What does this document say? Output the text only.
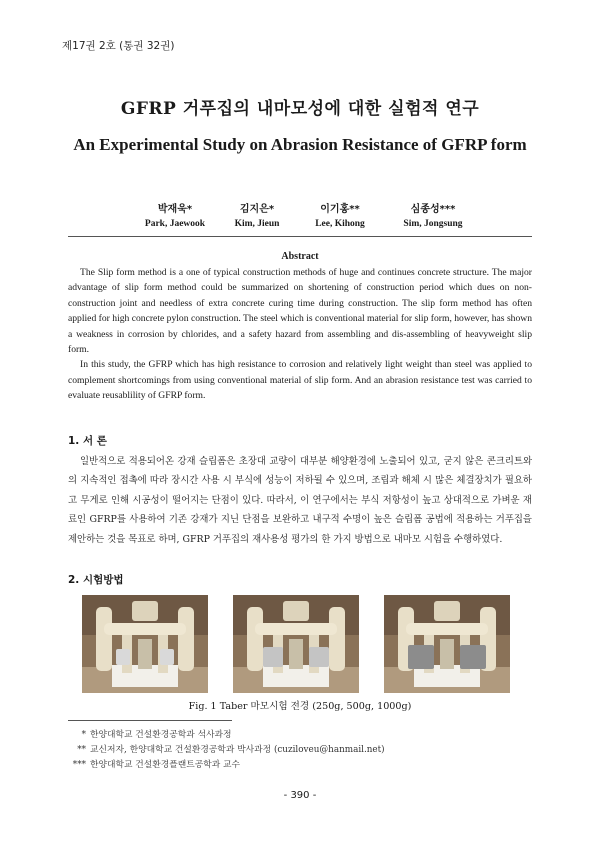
제17권 2호 (통권 32권)
GFRP 거푸집의 내마모성에 대한 실험적 연구
An Experimental Study on Abrasion Resistance of GFRP form
박재욱*
Park, Jaewook
김지은*
Kim, Jieun
이기홍**
Lee, Kihong
심종성***
Sim, Jongsung
Abstract

The Slip form method is a one of typical construction methods of huge and continues concrete structure. The major advantage of slip form method could be summarized on shortening of construction period which dues on non-construction joint and needless of extra concrete curing time during construction. The slip form method has often applied for high concrete pylon construction. The steel which is conventional material for slip form, however, has shown a weakness in corrosion by chlorides, and a safety hazard from assembling and dis-assembling of heavyweight slip form.

In this study, the GFRP which has high resistance to corrosion and relatively light weight than steel was applied to complement shortcomings from using conventional material of slip form. And an abrasion resistance test was carried to evaluate reusablility of GFRP form.

1. 서 론
일반적으로 적용되어온 강재 슬립폼은 초장대 교량이 대부분 해양환경에 노출되어 있고, 굳지 않은 콘크리트와의 지속적인 접촉에 따라 장시간 사용 시 부식에 성능이 저하될 수 있으며, 조립과 해체 시 많은 체결장치가 필요하고 무게로 인해 시공성이 떨어지는 단점이 있다. 따라서, 이 연구에서는 부식 저항성이 높고 상대적으로 가벼운 재료인 GFRP를 사용하여 기존 강재가 지닌 단점을 보완하고 내구적 수명이 높은 슬립폼 공법에 적용하는 거푸집을 제안하는 것을 목표로 하며, GFRP 거푸집의 재사용성 평가의 한 가지 방법으로 내마모 시험을 수행하였다.
2. 시험방법
Fig. 1 Taber 마모시험 전경 (250g, 500g, 1000g)
* 한양대학교 건설환경공학과 석사과정
** 교신저자, 한양대학교 건설환경공학과 박사과정 (cuziloveu@hanmail.net)
*** 한양대학교 건설환경플랜트공학과 교수
- 390 -
